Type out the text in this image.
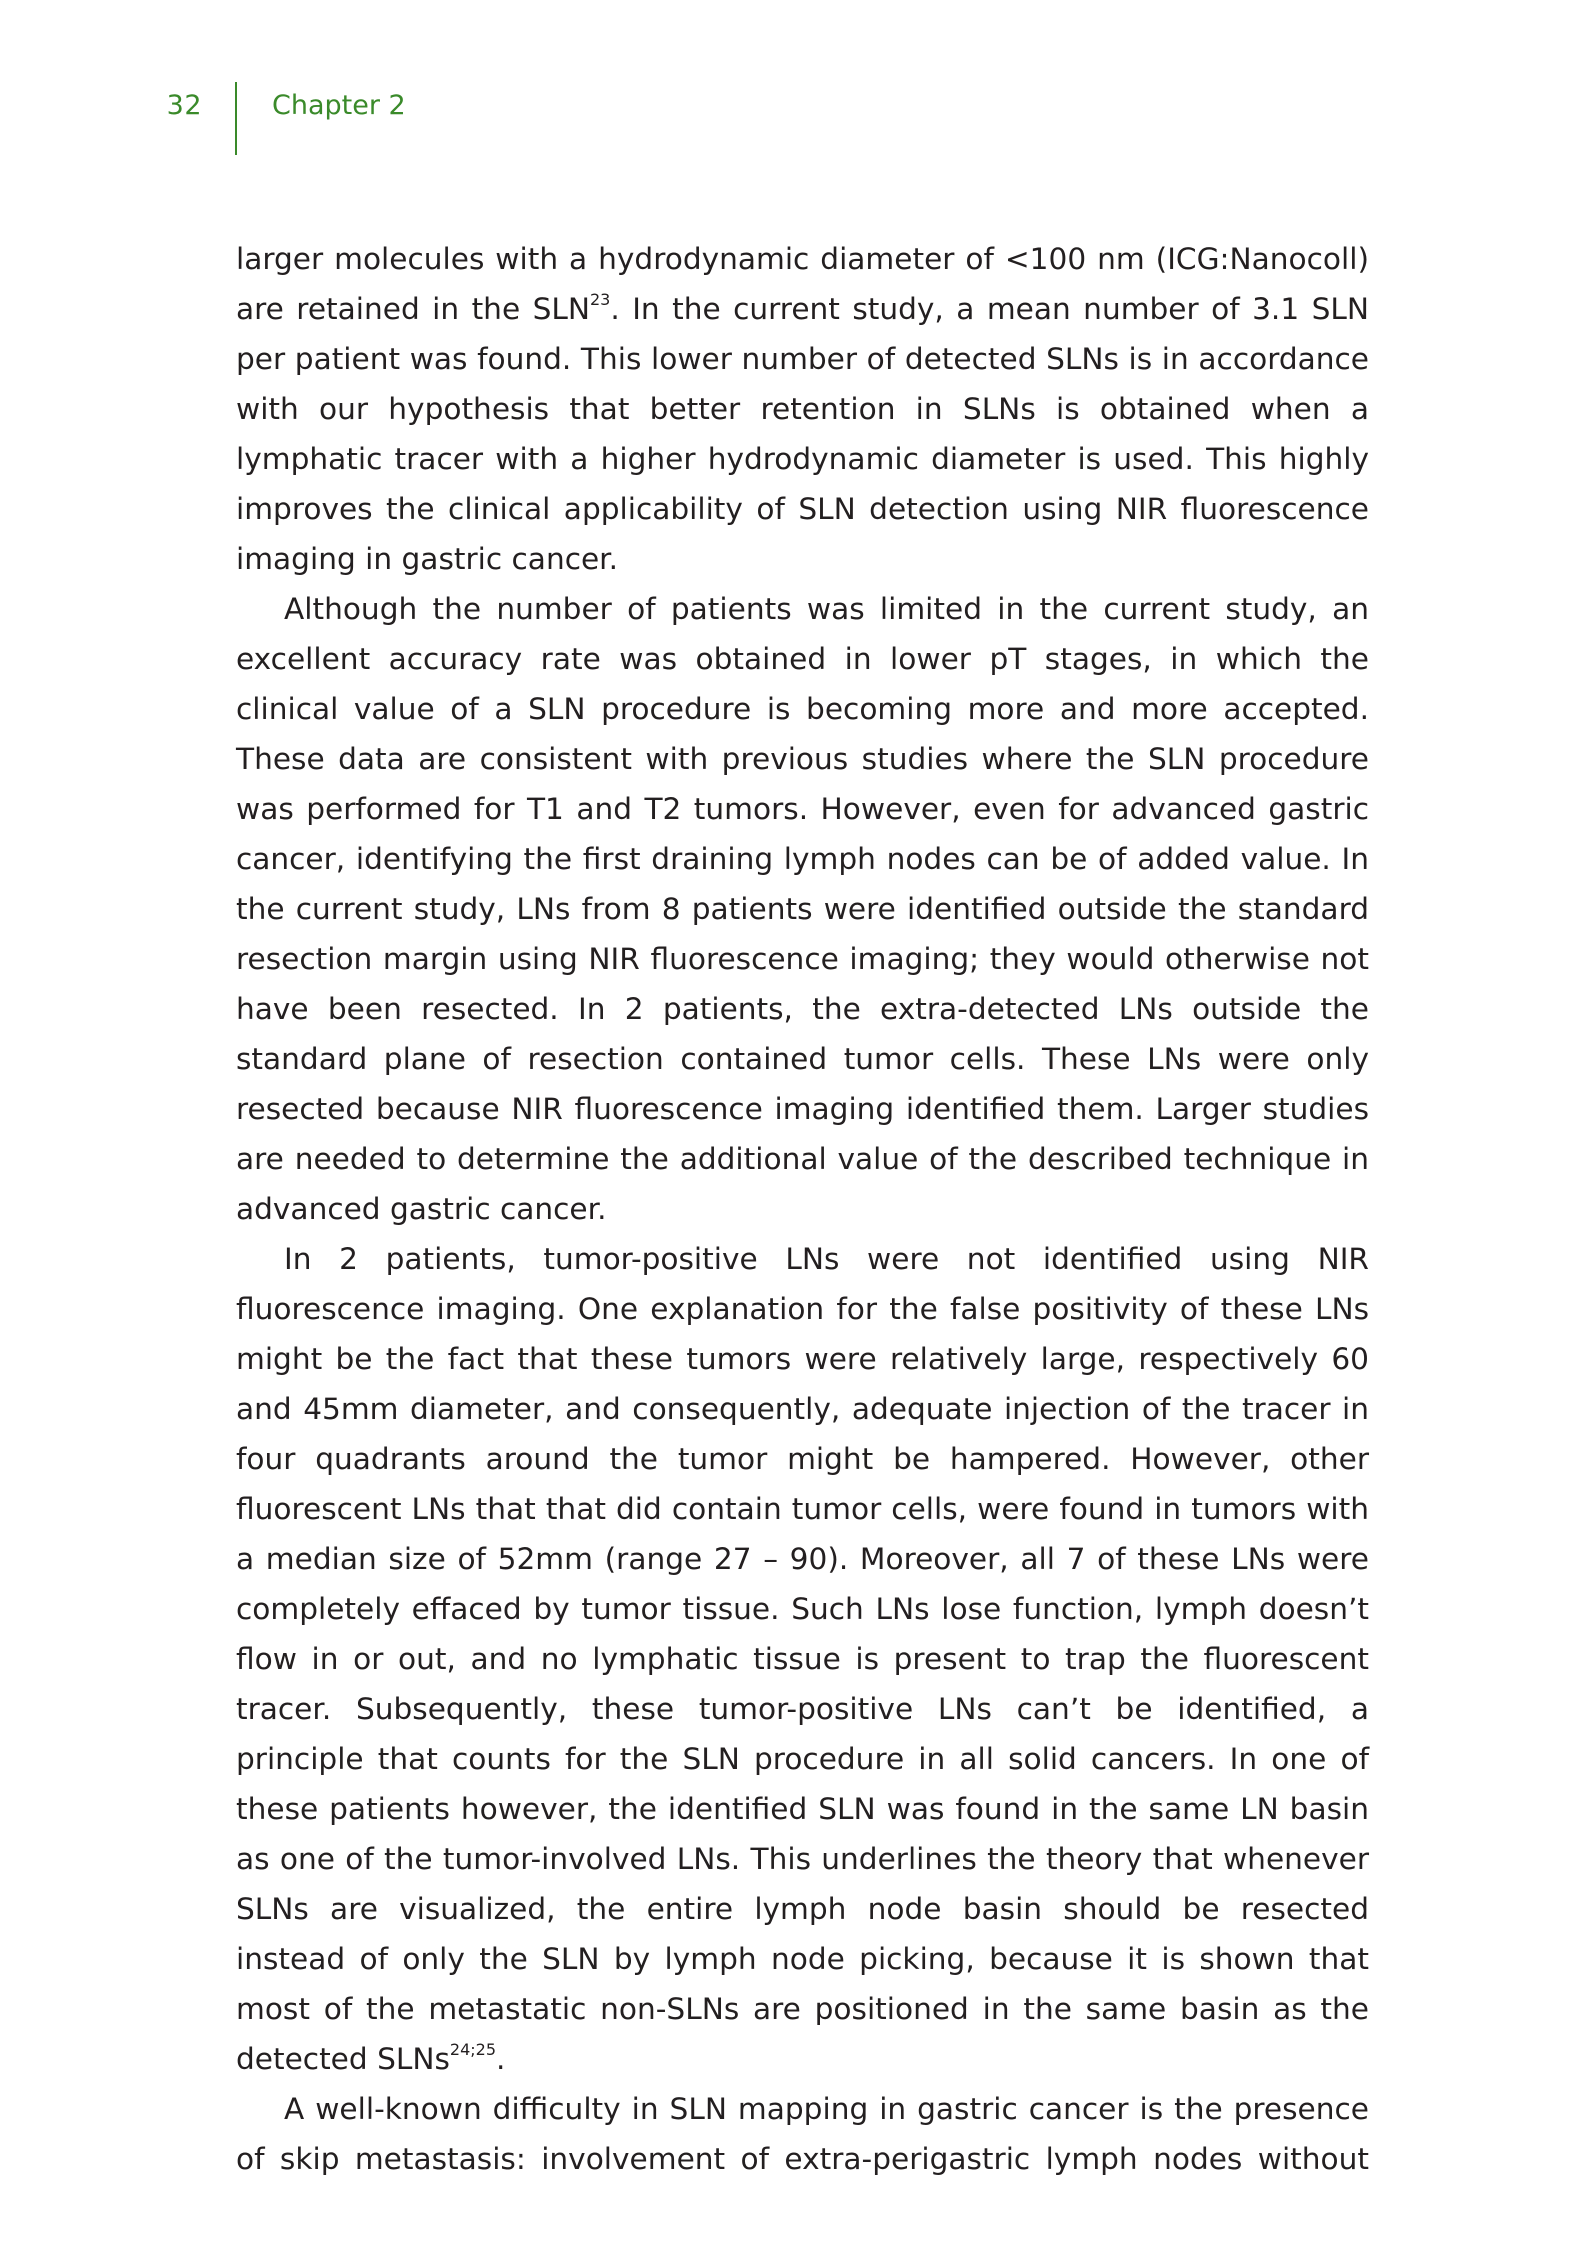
32	Chapter 2

larger molecules with a hydrodynamic diameter of <100 nm (ICG:Nanocoll) are retained in the SLN$^{23}$. In the current study, a mean number of 3.1 SLN per patient was found. This lower number of detected SLNs is in accordance with our hypothesis that better retention in SLNs is obtained when a lymphatic tracer with a higher hydrodynamic diameter is used. This highly improves the clinical applicability of SLN detection using NIR fluorescence imaging in gastric cancer.

Although the number of patients was limited in the current study, an excellent accuracy rate was obtained in lower pT stages, in which the clinical value of a SLN procedure is becoming more and more accepted. These data are consistent with previous studies where the SLN procedure was performed for T1 and T2 tumors. However, even for advanced gastric cancer, identifying the first draining lymph nodes can be of added value. In the current study, LNs from 8 patients were identified outside the standard resection margin using NIR fluorescence imaging; they would otherwise not have been resected. In 2 patients, the extra-detected LNs outside the standard plane of resection contained tumor cells. These LNs were only resected because NIR fluorescence imaging identified them. Larger studies are needed to determine the additional value of the described technique in advanced gastric cancer.

In 2 patients, tumor-positive LNs were not identified using NIR fluorescence imaging. One explanation for the false positivity of these LNs might be the fact that these tumors were relatively large, respectively 60 and 45mm diameter, and consequently, adequate injection of the tracer in four quadrants around the tumor might be hampered. However, other fluorescent LNs that that did contain tumor cells, were found in tumors with a median size of 52mm (range 27 – 90). Moreover, all 7 of these LNs were completely effaced by tumor tissue. Such LNs lose function, lymph doesn’t flow in or out, and no lymphatic tissue is present to trap the fluorescent tracer. Subsequently, these tumor-positive LNs can’t be identified, a principle that counts for the SLN procedure in all solid cancers. In one of these patients however, the identified SLN was found in the same LN basin as one of the tumor-involved LNs. This underlines the theory that whenever SLNs are visualized, the entire lymph node basin should be resected instead of only the SLN by lymph node picking, because it is shown that most of the metastatic non-SLNs are positioned in the same basin as the detected SLNs$^{24;25}$.

A well-known difficulty in SLN mapping in gastric cancer is the presence of skip metastasis: involvement of extra-perigastric lymph nodes without
